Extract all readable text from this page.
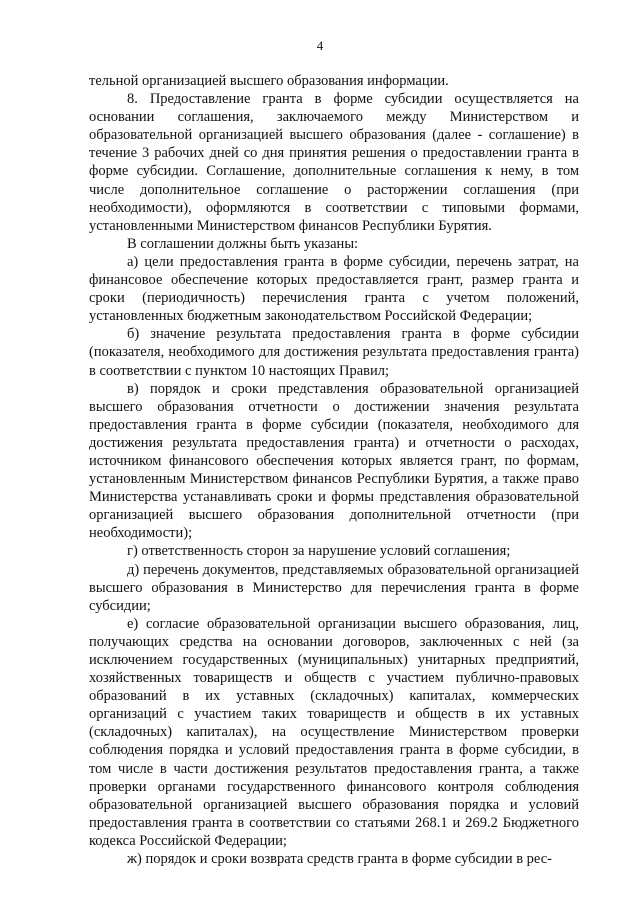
4

тельной организацией высшего образования информации.

8. Предоставление гранта в форме субсидии осуществляется на основании соглашения, заключаемого между Министерством и образовательной организацией высшего образования (далее - соглашение) в течение 3 рабочих дней со дня принятия решения о предоставлении гранта в форме субсидии. Соглашение, дополнительные соглашения к нему, в том числе дополнительное соглашение о расторжении соглашения (при необходимости), оформляются в соответствии с типовыми формами, установленными Министерством финансов Республики Бурятия.

В соглашении должны быть указаны:

а) цели предоставления гранта в форме субсидии, перечень затрат, на финансовое обеспечение которых предоставляется грант, размер гранта и сроки (периодичность) перечисления гранта с учетом положений, установленных бюджетным законодательством Российской Федерации;

б) значение результата предоставления гранта в форме субсидии (показателя, необходимого для достижения результата предоставления гранта) в соответствии с пунктом 10 настоящих Правил;

в) порядок и сроки представления образовательной организацией высшего образования отчетности о достижении значения результата предоставления гранта в форме субсидии (показателя, необходимого для достижения результата предоставления гранта) и отчетности о расходах, источником финансового обеспечения которых является грант, по формам, установленным Министерством финансов Республики Бурятия, а также право Министерства устанавливать сроки и формы представления образовательной организацией высшего образования дополнительной отчетности (при необходимости);

г) ответственность сторон за нарушение условий соглашения;

д) перечень документов, представляемых образовательной организацией высшего образования в Министерство для перечисления гранта в форме субсидии;

е) согласие образовательной организации высшего образования, лиц, получающих средства на основании договоров, заключенных с ней (за исключением государственных (муниципальных) унитарных предприятий, хозяйственных товариществ и обществ с участием публично-правовых образований в их уставных (складочных) капиталах, коммерческих организаций с участием таких товариществ и обществ в их уставных (складочных) капиталах), на осуществление Министерством проверки соблюдения порядка и условий предоставления гранта в форме субсидии, в том числе в части достижения результатов предоставления гранта, а также проверки органами государственного финансового контроля соблюдения образовательной организацией высшего образования порядка и условий предоставления гранта в соответствии со статьями 268.1 и 269.2 Бюджетного кодекса Российской Федерации;

ж) порядок и сроки возврата средств гранта в форме субсидии в рес-
